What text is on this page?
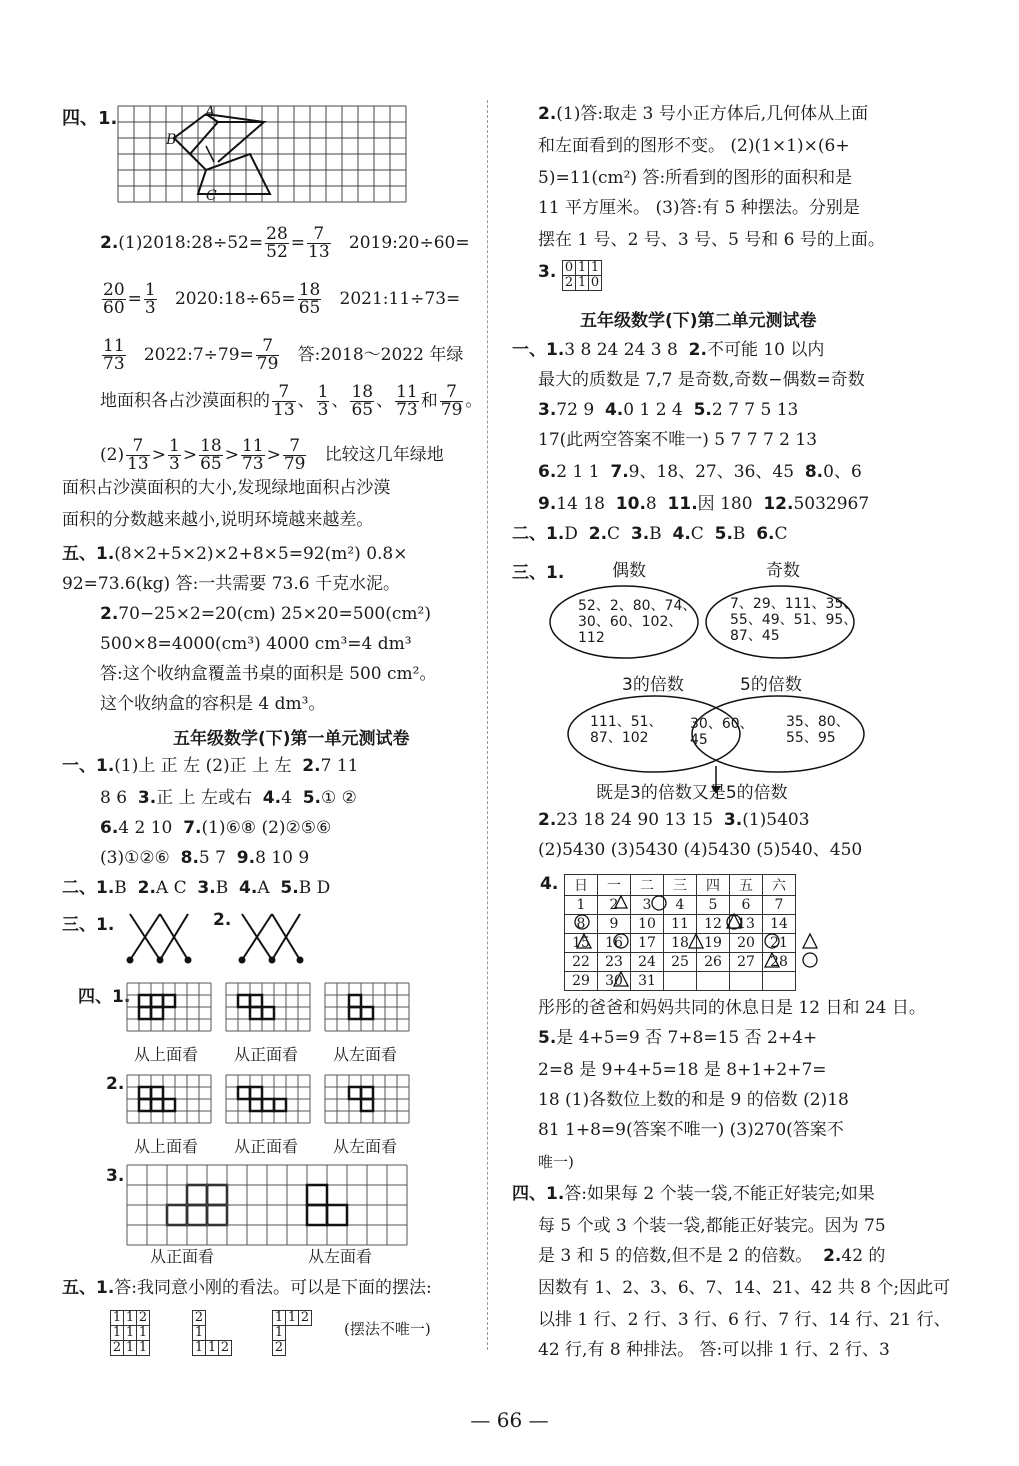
四、1.	A
B
C
2.(1)2018:28÷52= $\frac{28}{52} = \frac{7}{13}$ 2019:20÷60=
$\frac{20}{60} = \frac{1}{3}$ 2020:18÷65= $\frac{18}{65}$ 2021:11÷73=
$\frac{11}{73}$ 2022:7÷79= $\frac{7}{79}$ 答:2018～2022 年绿
地面积各占沙漠面积的 $\frac{7}{13}$ 、 $\frac{1}{3}$ 、 $\frac{18}{65}$ 、 $\frac{11}{73}$ 和 $\frac{7}{79}$ 。
$(2) \frac{7}{13} > \frac{1}{3} > \frac{18}{65} > \frac{11}{73} > \frac{7}{79}$ 比较这几年绿地
面积占沙漠面积的大小,发现绿地面积占沙漠
面积的分数越来越小,说明环境越来越差。
五、1.(8×2+5×2)×2+8×5=92(m²) 0.8×
92=73.6(kg) 答:一共需要 73.6 千克水泥。
2.70−25×2=20(cm) 25×20=500(cm²)
500×8=4000(cm³) 4000 cm³=4 dm³
答:这个收纳盒覆盖书桌的面积是 500 cm²。
这个收纳盒的容积是 4 dm³。
五年级数学(下)第一单元测试卷
一、1.(1)上 正 左 (2)正 上 左 2.7 11
8 6 3.正 上 左或右 4.4 5.① ②
6.4 2 10 7.(1)⑥⑧ (2)②⑤⑥
(3)①②⑥ 8.5 7 9.8 10 9
二、1.B 2.A C 3.B 4.A 5.B D
三、1.	2.
四、1.
2.
3.
从上面看 从正面看 从左面看
从上面看 从正面看 从左面看
从正面看	从左面看
五、1.答:我同意小刚的看法。可以是下面的摆法:
1	1	2
1	1	1
2	1	1
2		
1		
1	1	2
1	1	2
1		
2		
(摆法不唯一)
2.(1)答:取走 3 号小正方体后,几何体从上面
和左面看到的图形不变。 (2)(1×1)×(6+
5)=11(cm²) 答:所看到的图形的面积和是
11 平方厘米。 (3)答:有 5 种摆法。分别是
摆在 1 号、2 号、3 号、5 号和 6 号的上面。
3. 0	1	1
2	1	0
五年级数学(下)第二单元测试卷
一、1.3 8 24 24 3 8 2.不可能 10 以内
最大的质数是 7,7 是奇数,奇数−偶数=奇数
3.72 9 4.0 1 2 4 5.2 7 7 5 13
17(此两空答案不唯一) 5 7 7 7 2 13
6.2 1 1 7.9、18、27、36、45 8.0、6
9.14 18 10.8 11.因 180 12.5032967
二、1.D 2.C 3.B 4.C 5.B 6.C
三、1.	偶数	奇数
52、2、80、74、
30、60、102、
112
7、29、111、35、
55、49、51、95、
87、45
3的倍数	5的倍数
111、51、
87、102
30、60、
45
35、80、
55、95
既是3的倍数又是5的倍数
2.23 18 24 90 13 15 3.(1)5403
(2)5430 (3)5430 (4)5430 (5)540、450
4. 日	一	二	三	四	五	六
1	2	3	4	5	6	7
8	9	10	11	12	13	14
15	16	17	18	19	20	21
22	23	24	25	26	27	28
29	30	31				
彤彤的爸爸和妈妈共同的休息日是 12 日和 24 日。
5.是 4+5=9 否 7+8=15 否 2+4+
2=8 是 9+4+5=18 是 8+1+2+7=
18 (1)各数位上数的和是 9 的倍数 (2)18
81 1+8=9(答案不唯一) (3)270(答案不
唯一)
四、1.答:如果每 2 个装一袋,不能正好装完;如果
每 5 个或 3 个装一袋,都能正好装完。因为 75
是 3 和 5 的倍数,但不是 2 的倍数。 2.42 的
因数有 1、2、3、6、7、14、21、42 共 8 个;因此可
以排 1 行、2 行、3 行、6 行、7 行、14 行、21 行、
42 行,有 8 种排法。 答:可以排 1 行、2 行、3
— 66 —
